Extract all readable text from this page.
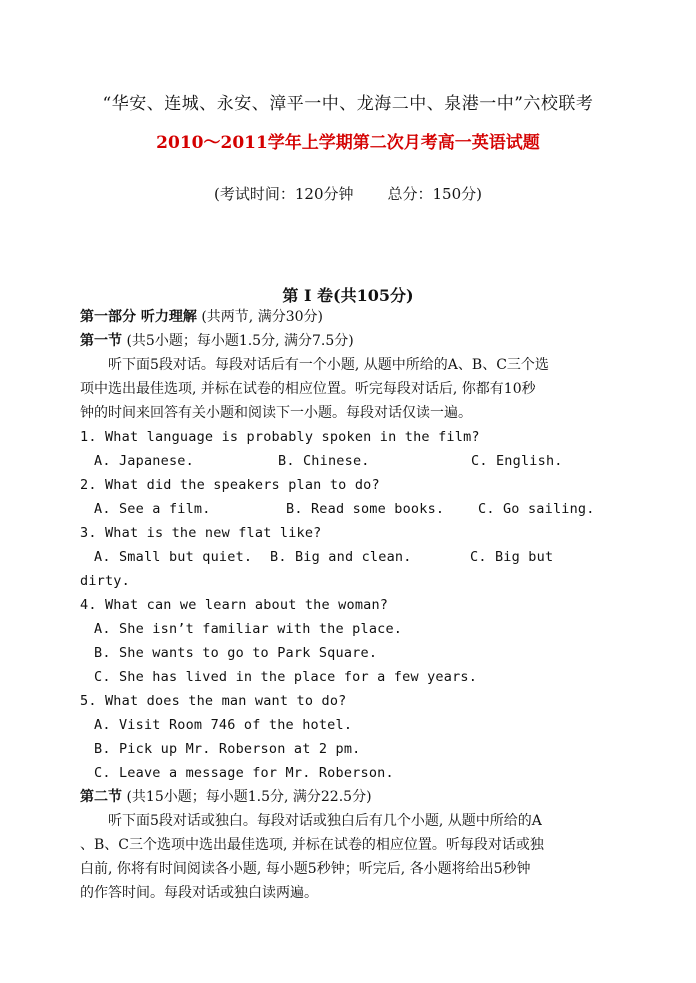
“华安、连城、永安、漳平一中、龙海二中、泉港一中”六校联考
2010～2011学年上学期第二次月考高一英语试题
(考试时间：120分钟 总分：150分)
第 I 卷(共105分)
第一部分 听力理解 (共两节, 满分30分)
第一节 (共5小题；每小题1.5分, 满分7.5分)
听下面5段对话。每段对话后有一个小题, 从题中所给的A、B、C三个选
项中选出最佳选项, 并标在试卷的相应位置。听完每段对话后, 你都有10秒
钟的时间来回答有关小题和阅读下一小题。每段对话仅读一遍。
1. What language is probably spoken in the film?
A. Japanese.	B. Chinese.	C. English.
2. What did the speakers plan to do?
A. See a film.	B. Read some books.	C. Go sailing.
3. What is the new flat like?
A. Small but quiet. B. Big and clean.	C. Big but
dirty.
4. What can we learn about the woman?
A. She isn’t familiar with the place.
B. She wants to go to Park Square.
C. She has lived in the place for a few years.
5. What does the man want to do?
A. Visit Room 746 of the hotel.
B. Pick up Mr. Roberson at 2 pm.
C. Leave a message for Mr. Roberson.
第二节 (共15小题；每小题1.5分, 满分22.5分)
听下面5段对话或独白。每段对话或独白后有几个小题, 从题中所给的A
、B、C三个选项中选出最佳选项, 并标在试卷的相应位置。听每段对话或独
白前, 你将有时间阅读各小题, 每小题5秒钟；听完后, 各小题将给出5秒钟
的作答时间。每段对话或独白读两遍。
